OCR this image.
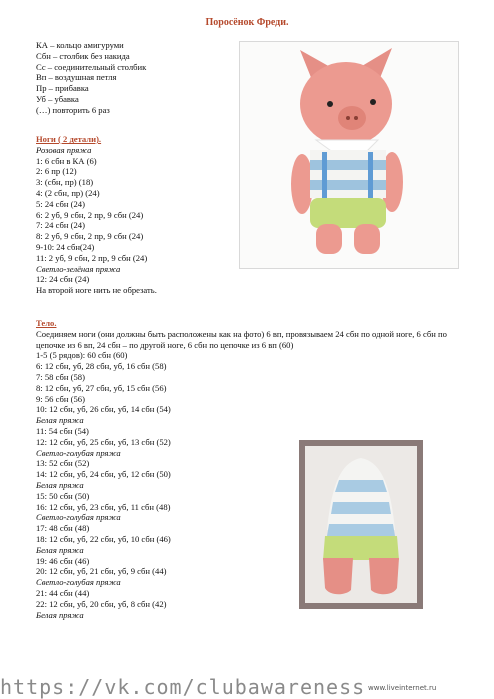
Поросёнок Фреди.
КА – кольцо амигуруми
Сбн – столбик без накида
Сс – соединительный столбик
Вп – воздушная петля
Пр – прибавка
Уб – убавка
(…) повторить 6 раз
Ноги ( 2 детали).
Розовая пряжа
1: 6 сбн в КА (6)
2: 6 пр (12)
3: (сбн, пр) (18)
4: (2 сбн, пр) (24)
5: 24 сбн (24)
6: 2 уб, 9 сбн, 2 пр, 9 сбн (24)
7: 24 сбн (24)
8: 2 уб, 9 сбн, 2 пр, 9 сбн (24)
9-10: 24 сбн(24)
11: 2 уб, 9 сбн, 2 пр, 9 сбн (24)
Светло-зелёная пряжа
12: 24 сбн (24)
На второй ноге нить не обрезать.
Тело.
Соединяем ноги (они должны быть расположены как на фото) 6 вп, провязываем 24 сбн по одной ноге, 6 сбн по цепочке из 6 вп, 24 сбн – по другой ноге, 6 сбн по цепочке из 6 вп (60)
1-5 (5 рядов): 60 сбн (60)
6: 12 сбн, уб, 28 сбн, уб, 16 сбн (58)
7: 58 сбн (58)
8: 12 сбн, уб, 27 сбн, уб, 15 сбн (56)
9: 56 сбн (56)
10: 12 сбн, уб, 26 сбн, уб, 14 сбн (54)
Белая пряжа
11: 54 сбн (54)
12: 12 сбн, уб, 25 сбн, уб, 13 сбн (52)
Светло-голубая пряжа
13: 52 сбн (52)
14: 12 сбн, уб, 24 сбн, уб, 12 сбн (50)
Белая пряжа
15: 50 сбн (50)
16: 12 сбн, уб, 23 сбн, уб, 11 сбн (48)
Светло-голубая пряжа
17: 48 сбн (48)
18: 12 сбн, уб, 22 сбн, уб, 10 сбн (46)
Белая пряжа
19: 46 сбн (46)
20: 12 сбн, уб, 21 сбн, уб, 9 сбн (44)
Светло-голубая пряжа
21: 44 сбн (44)
22: 12 сбн, уб, 20 сбн, уб, 8 сбн (42)
Белая пряжа
https://vk.com/clubawareness www.liveinternet.ru
